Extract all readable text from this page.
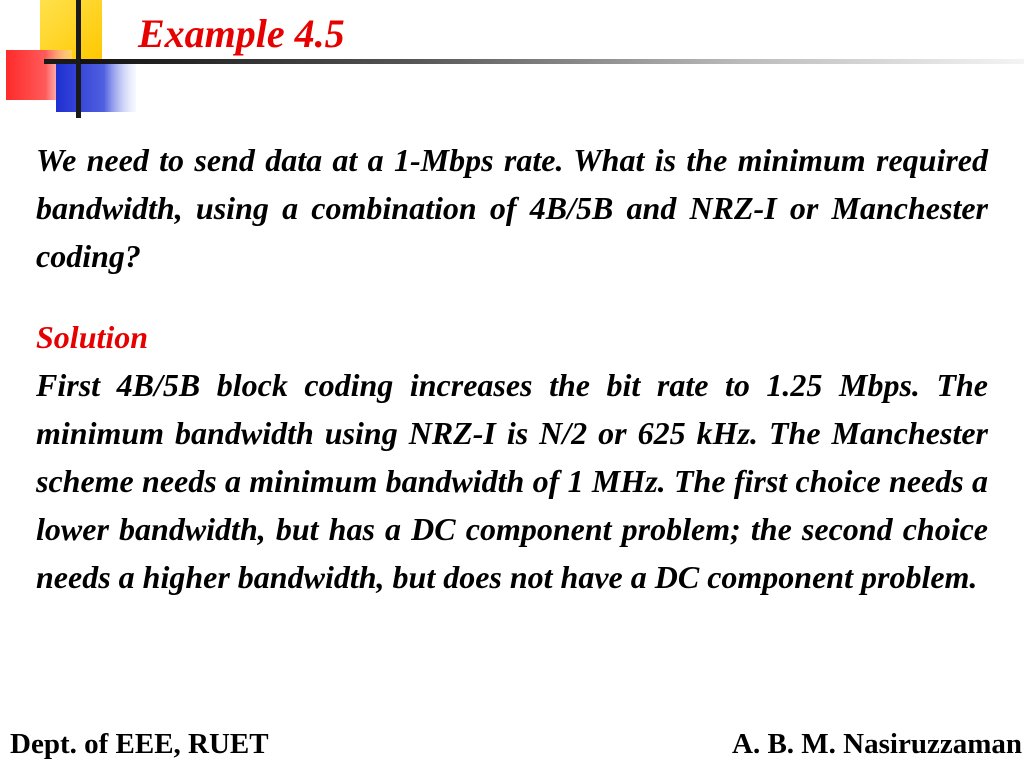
Example 4.5

We need to send data at a 1-Mbps rate. What is the minimum required bandwidth, using a combination of 4B/5B and NRZ-I or Manchester coding?

Solution

First 4B/5B block coding increases the bit rate to 1.25 Mbps. The minimum bandwidth using NRZ-I is N/2 or 625 kHz. The Manchester scheme needs a minimum bandwidth of 1 MHz. The first choice needs a lower bandwidth, but has a DC component problem; the second choice needs a higher bandwidth, but does not have a DC component problem.

Dept. of EEE, RUET	A. B. M. Nasiruzzaman
